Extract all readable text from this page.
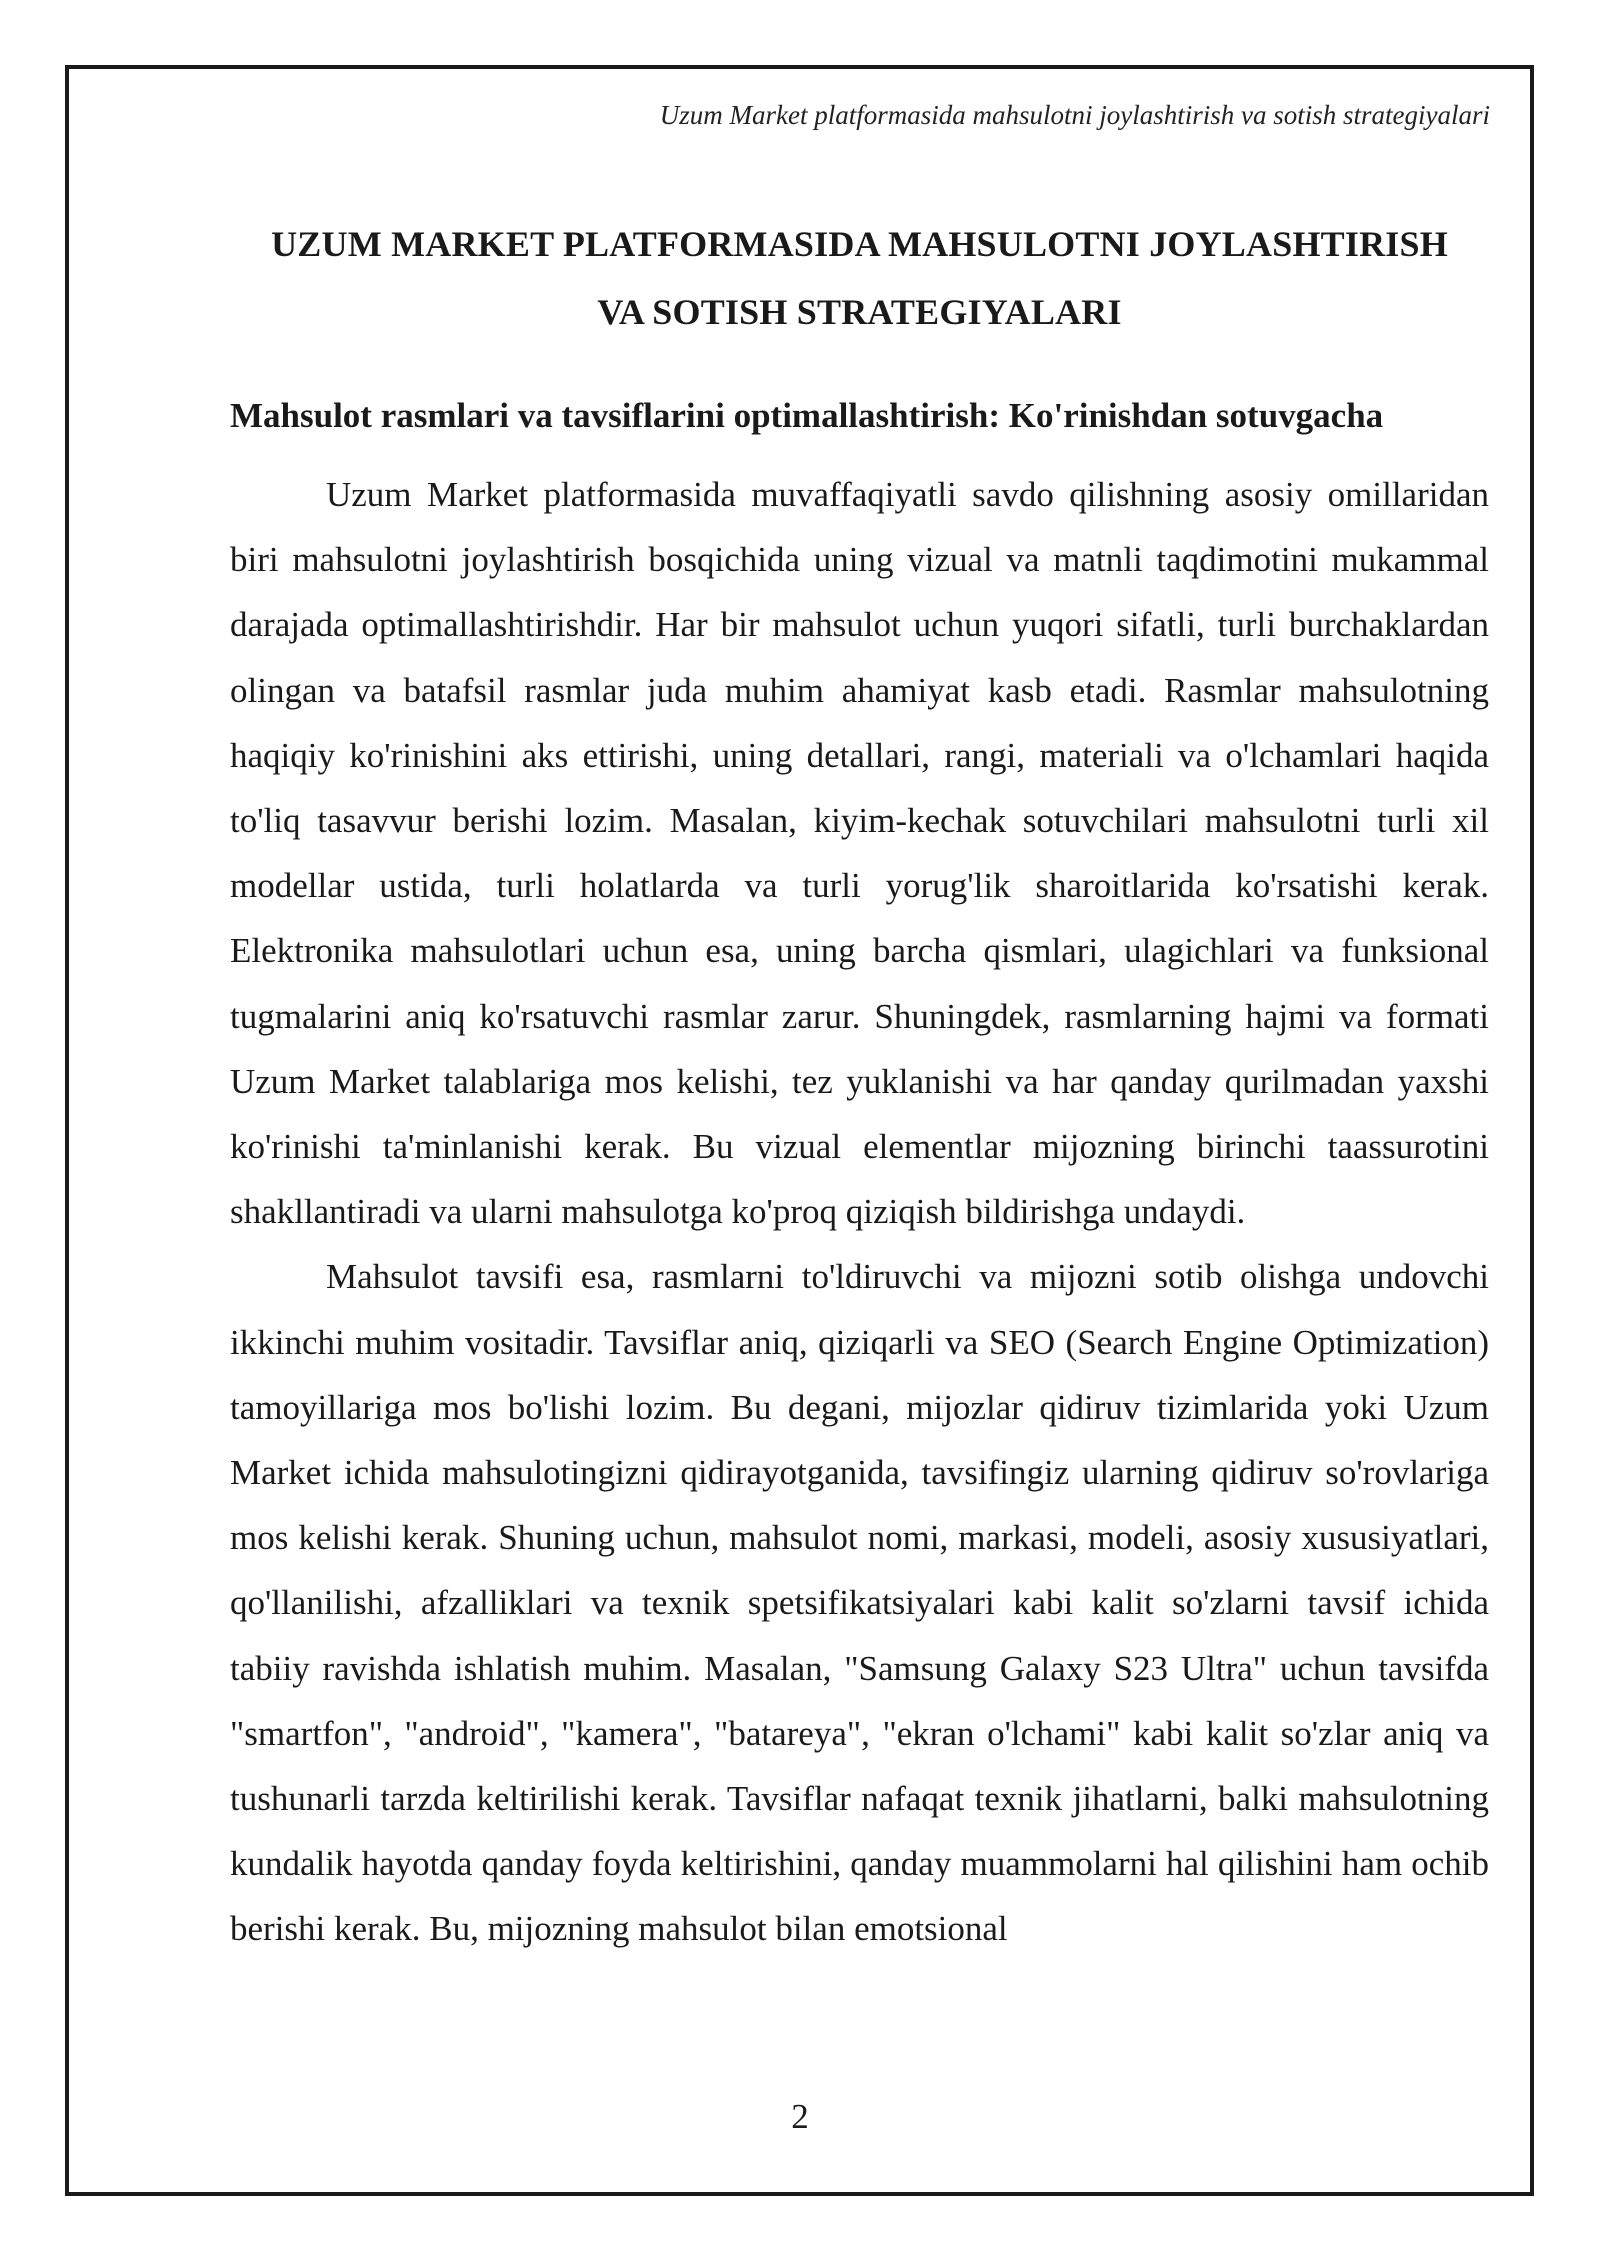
Uzum Market platformasida mahsulotni joylashtirish va sotish strategiyalari
UZUM MARKET PLATFORMASIDA MAHSULOTNI JOYLASHTIRISH
VA SOTISH STRATEGIYALARI
Mahsulot rasmlari va tavsiflarini optimallashtirish: Ko'rinishdan sotuvgacha

Uzum Market platformasida muvaffaqiyatli savdo qilishning asosiy omillaridan biri mahsulotni joylashtirish bosqichida uning vizual va matnli taqdimotini mukammal darajada optimallashtirishdir. Har bir mahsulot uchun yuqori sifatli, turli burchaklardan olingan va batafsil rasmlar juda muhim ahamiyat kasb etadi. Rasmlar mahsulotning haqiqiy ko'rinishini aks ettirishi, uning detallari, rangi, materiali va o'lchamlari haqida to'liq tasavvur berishi lozim. Masalan, kiyim-kechak sotuvchilari mahsulotni turli xil modellar ustida, turli holatlarda va turli yorug'lik sharoitlarida ko'rsatishi kerak. Elektronika mahsulotlari uchun esa, uning barcha qismlari, ulagichlari va funksional tugmalarini aniq ko'rsatuvchi rasmlar zarur. Shuningdek, rasmlarning hajmi va formati Uzum Market talablariga mos kelishi, tez yuklanishi va har qanday qurilmadan yaxshi ko'rinishi ta'minlanishi kerak. Bu vizual elementlar mijozning birinchi taassurotini shakllantiradi va ularni mahsulotga ko'proq qiziqish bildirishga undaydi.

Mahsulot tavsifi esa, rasmlarni to'ldiruvchi va mijozni sotib olishga undovchi ikkinchi muhim vositadir. Tavsiflar aniq, qiziqarli va SEO (Search Engine Optimization) tamoyillariga mos bo'lishi lozim. Bu degani, mijozlar qidiruv tizimlarida yoki Uzum Market ichida mahsulotingizni qidirayotganida, tavsifingiz ularning qidiruv so'rovlariga mos kelishi kerak. Shuning uchun, mahsulot nomi, markasi, modeli, asosiy xususiyatlari, qo'llanilishi, afzalliklari va texnik spetsifikatsiyalari kabi kalit so'zlarni tavsif ichida tabiiy ravishda ishlatish muhim. Masalan, "Samsung Galaxy S23 Ultra" uchun tavsifda "smartfon", "android", "kamera", "batareya", "ekran o'lchami" kabi kalit so'zlar aniq va tushunarli tarzda keltirilishi kerak. Tavsiflar nafaqat texnik jihatlarni, balki mahsulotning kundalik hayotda qanday foyda keltirishini, qanday muammolarni hal qilishini ham ochib berishi kerak. Bu, mijozning mahsulot bilan emotsional

2
